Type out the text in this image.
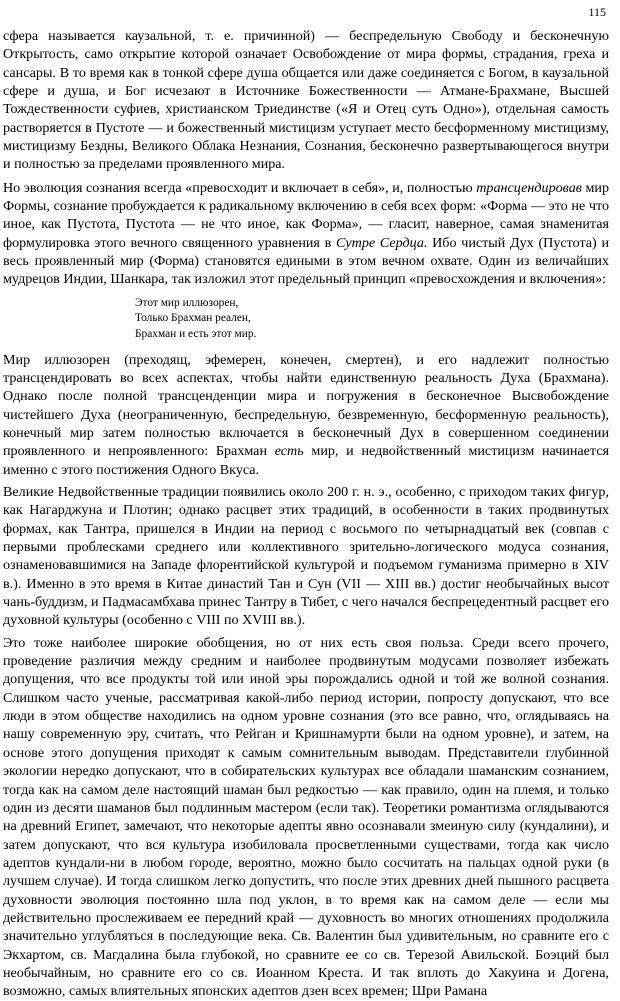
115

сфера называется каузальной, т. е. причинной) — беспредельную Свободу и бесконечную Открытость, само открытие которой означает Освобождение от мира формы, страдания, греха и сансары. В то время как в тонкой сфере душа общается или даже соединяется с Богом, в каузальной сфере и душа, и Бог исчезают в Источнике Божественности — Атмане-Брахмане, Высшей Тождественности суфиев, христианском Триединстве («Я и Отец суть Одно»), отдельная самость растворяется в Пустоте — и божественный мистицизм уступает место бесформенному мистицизму, мистицизму Бездны, Великого Облака Незнания, Сознания, бесконечно развертывающегося внутри и полностью за пределами проявленного мира.

Но эволюция сознания всегда «превосходит и включает в себя», и, полностью трансцендировав мир Формы, сознание пробуждается к радикальному включению в себя всех форм: «Форма — это не что иное, как Пустота, Пустота — не что иное, как Форма», — гласит, наверное, самая знаменитая формулировка этого вечного священного уравнения в Сутре Сердца. Ибо чистый Дух (Пустота) и весь проявленный мир (Форма) становятся едиными в этом вечном охвате. Один из величайших мудрецов Индии, Шанкара, так изложил этот предельный принцип «превосхождения и включения»:

Этот мир иллюзорен,
Только Брахман реален,
Брахман и есть этот мир.

Мир иллюзорен (преходящ, эфемерен, конечен, смертен), и его надлежит полностью трансцендировать во всех аспектах, чтобы найти единственную реальность Духа (Брахмана). Однако после полной трансценденции мира и погружения в бесконечное Высвобождение чистейшего Духа (неограниченную, беспредельную, безвременную, бесформенную реальность), конечный мир затем полностью включается в бесконечный Дух в совершенном соединении проявленного и непроявленного: Брахман есть мир, и недвойственный мистицизм начинается именно с этого постижения Одного Вкуса.

Великие Недвойственные традиции появились около 200 г. н. э., особенно, с приходом таких фигур, как Нагарджуна и Плотин; однако расцвет этих традиций, в особенности в таких продвинутых формах, как Тантра, пришелся в Индии на период с восьмого по четырнадцатый век (совпав с первыми проблесками среднего или коллективного зрительно-логического модуса сознания, ознаменовавшимися на Западе флорентийской культурой и подъемом гуманизма примерно в XIV в.). Именно в это время в Китае династий Тан и Сун (VII — XIII вв.) достиг необычайных высот чань-буддизм, и Падмасамбхава принес Тантру в Тибет, с чего начался беспрецедентный расцвет его духовной культуры (особенно с VIII по XVIII вв.).

Это тоже наиболее широкие обобщения, но от них есть своя польза. Среди всего прочего, проведение различия между средним и наиболее продвинутым модусами позволяет избежать допущения, что все продукты той или иной эры порождались одной и той же волной сознания. Слишком часто ученые, рассматривая какой-либо период истории, попросту допускают, что все люди в этом обществе находились на одном уровне сознания (это все равно, что, оглядываясь на нашу современную эру, считать, что Рейган и Кришнамурти были на одном уровне), и затем, на основе этого допущения приходят к самым сомнительным выводам. Представители глубинной экологии нередко допускают, что в собирательских культурах все обладали шаманским сознанием, тогда как на самом деле настоящий шаман был редкостью — как правило, один на племя, и только один из десяти шаманов был подлинным мастером (если так). Теоретики романтизма оглядываются на древний Египет, замечают, что некоторые адепты явно осознавали змеиную силу (кундалини), и затем допускают, что вся культура изобиловала просветленными существами, тогда как число адептов кундали-ни в любом городе, вероятно, можно было сосчитать на пальцах одной руки (в лучшем случае). И тогда слишком легко допустить, что после этих древних дней пышного расцвета духовности эволюция постоянно шла под уклон, в то время как на самом деле — если мы действительно прослеживаем ее передний край — духовность во многих отношениях продолжила значительно углубляться в последующие века. Св. Валентин был удивительным, но сравните его с Экхартом, св. Магдалина была глубокой, но сравните ее со св. Терезой Авильской. Боэций был необычайным, но сравните его со св. Иоанном Креста. И так вплоть до Хакуина и Догена, возможно, самых влиятельных японских адептов дзен всех времен; Шри Рамана
